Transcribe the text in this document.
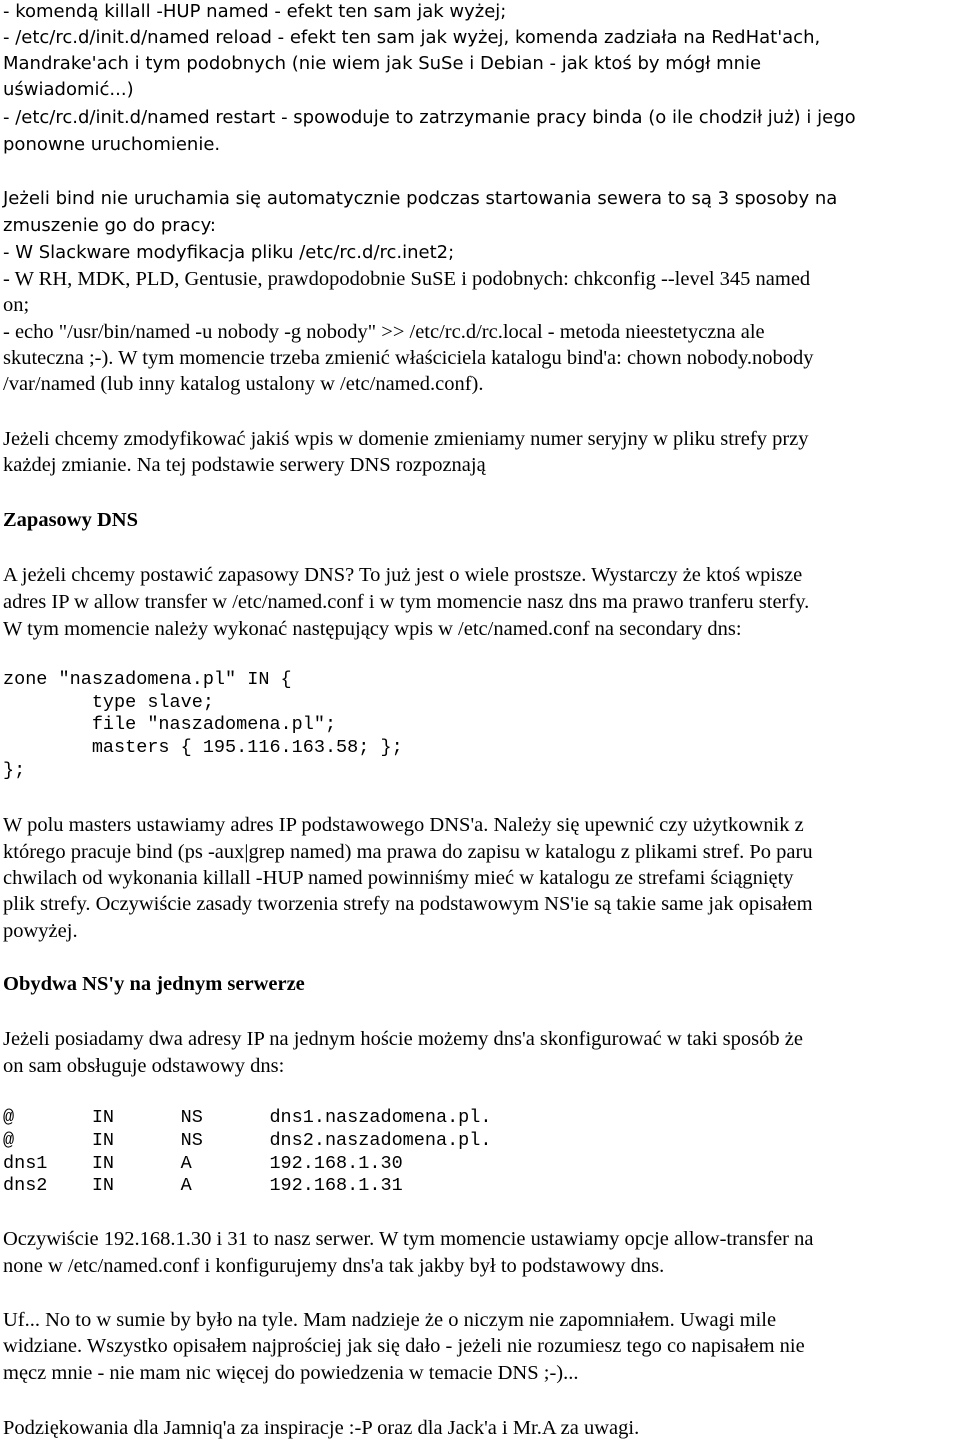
- komendą killall -HUP named - efekt ten sam jak wyżej;
- /etc/rc.d/init.d/named reload - efekt ten sam jak wyżej, komenda zadziała na RedHat'ach,
Mandrake'ach i tym podobnych (nie wiem jak SuSe i Debian - jak ktoś by mógł mnie
uświadomić...)
- /etc/rc.d/init.d/named restart - spowoduje to zatrzymanie pracy binda (o ile chodził już) i jego
ponowne uruchomienie.
Jeżeli bind nie uruchamia się automatycznie podczas startowania sewera to są 3 sposoby na
zmuszenie go do pracy:
- W Slackware modyfikacja pliku /etc/rc.d/rc.inet2;
- W RH, MDK, PLD, Gentusie, prawdopodobnie SuSE i podobnych: chkconfig --level 345 named
on;
- echo "/usr/bin/named -u nobody -g nobody" >> /etc/rc.d/rc.local - metoda nieestetyczna ale
skuteczna ;-). W tym momencie trzeba zmienić właściciela katalogu bind'a: chown nobody.nobody
/var/named (lub inny katalog ustalony w /etc/named.conf).
Jeżeli chcemy zmodyfikować jakiś wpis w domenie zmieniamy numer seryjny w pliku strefy przy
każdej zmianie. Na tej podstawie serwery DNS rozpoznają
Zapasowy DNS
A jeżeli chcemy postawić zapasowy DNS? To już jest o wiele prostsze. Wystarczy że ktoś wpisze
adres IP w allow transfer w /etc/named.conf i w tym momencie nasz dns ma prawo tranferu sterfy.
W tym momencie należy wykonać następujący wpis w /etc/named.conf na secondary dns:
zone "naszadomena.pl" IN {
type slave;
file "naszadomena.pl";
masters { 195.116.163.58; };
};
W polu masters ustawiamy adres IP podstawowego DNS'a. Należy się upewnić czy użytkownik z
którego pracuje bind (ps -aux|grep named) ma prawa do zapisu w katalogu z plikami stref. Po paru
chwilach od wykonania killall -HUP named powinniśmy mieć w katalogu ze strefami ściągnięty
plik strefy. Oczywiście zasady tworzenia strefy na podstawowym NS'ie są takie same jak opisałem
powyżej.
Obydwa NS'y na jednym serwerze
Jeżeli posiadamy dwa adresy IP na jednym hoście możemy dns'a skonfigurować w taki sposób że
on sam obsługuje odstawowy dns:
@       IN      NS      dns1.naszadomena.pl.
@       IN      NS      dns2.naszadomena.pl.
dns1    IN      A       192.168.1.30
dns2    IN      A       192.168.1.31
Oczywiście 192.168.1.30 i 31 to nasz serwer. W tym momencie ustawiamy opcje allow-transfer na
none w /etc/named.conf i konfigurujemy dns'a tak jakby był to podstawowy dns.
Uf... No to w sumie by było na tyle. Mam nadzieje że o niczym nie zapomniałem. Uwagi mile
widziane. Wszystko opisałem najprościej jak się dało - jeżeli nie rozumiesz tego co napisałem nie
męcz mnie - nie mam nic więcej do powiedzenia w temacie DNS ;-)...
Podziękowania dla Jamniq'a za inspiracje :-P oraz dla Jack'a i Mr.A za uwagi.
